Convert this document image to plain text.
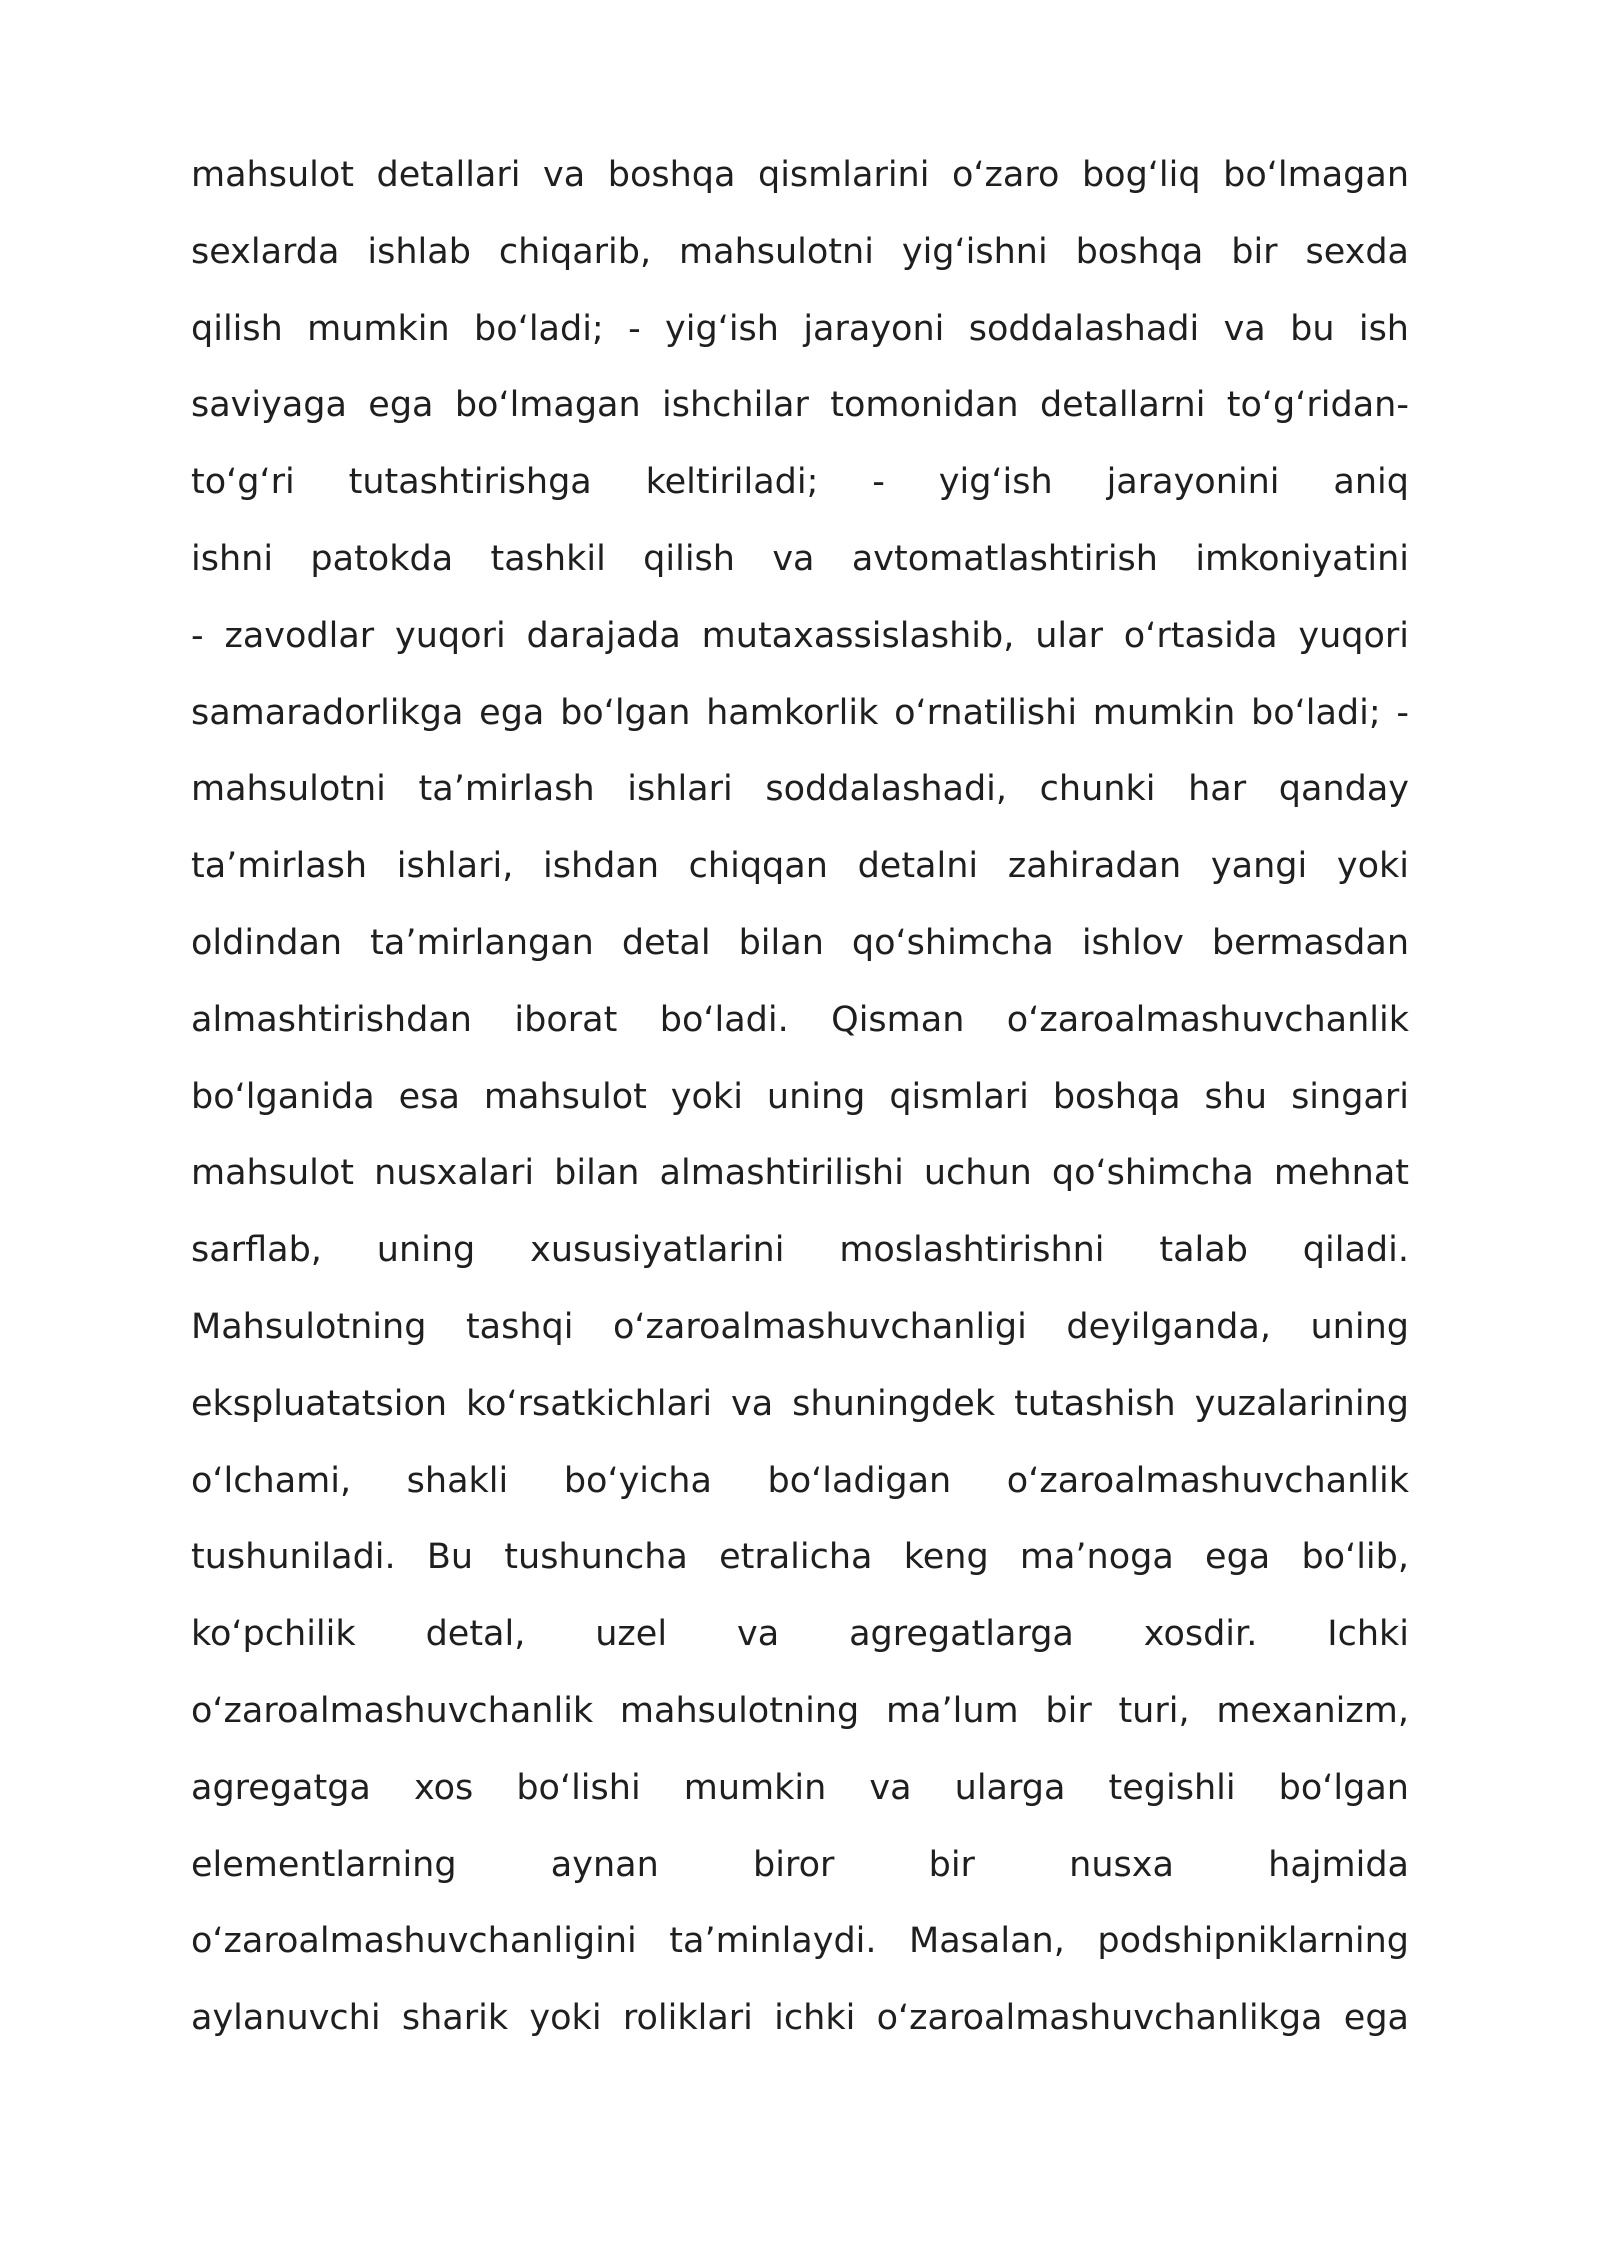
mahsulot detallari va boshqa qismlarini oʻzaro bogʻliq boʻlmagan
sexlarda ishlab chiqarib, mahsulotni yigʻishni boshqa bir sexda
qilish mumkin boʻladi; - yigʻish jarayoni soddalashadi va bu ish
saviyaga ega boʻlmagan ishchilar tomonidan detallarni toʻgʻridan-
toʻgʻri tutashtirishga keltiriladi; - yigʻish jarayonini aniq
ishni patokda tashkil qilish va avtomatlashtirish imkoniyatini
- zavodlar yuqori darajada mutaxassislashib, ular oʻrtasida yuqori
samaradorlikga ega boʻlgan hamkorlik oʻrnatilishi mumkin boʻladi; -
mahsulotni taʼmirlash ishlari soddalashadi, chunki har qanday
taʼmirlash ishlari, ishdan chiqqan detalni zahiradan yangi yoki
oldindan taʼmirlangan detal bilan qoʻshimcha ishlov bermasdan
almashtirishdan iborat boʻladi. Qisman oʻzaroalmashuvchanlik
boʻlganida esa mahsulot yoki uning qismlari boshqa shu singari
mahsulot nusxalari bilan almashtirilishi uchun qoʻshimcha mehnat
sarflab, uning xususiyatlarini moslashtirishni talab qiladi.
Mahsulotning tashqi oʻzaroalmashuvchanligi deyilganda, uning
ekspluatatsion koʻrsatkichlari va shuningdek tutashish yuzalarining
oʻlchami, shakli boʻyicha boʻladigan oʻzaroalmashuvchanlik
tushuniladi. Bu tushuncha etralicha keng maʼnoga ega boʻlib,
koʻpchilik detal, uzel va agregatlarga xosdir. Ichki
oʻzaroalmashuvchanlik mahsulotning maʼlum bir turi, mexanizm,
agregatga xos boʻlishi mumkin va ularga tegishli boʻlgan
elementlarning aynan biror bir nusxa hajmida
oʻzaroalmashuvchanligini taʼminlaydi. Masalan, podshipniklarning
aylanuvchi sharik yoki roliklari ichki oʻzaroalmashuvchanlikga ega
